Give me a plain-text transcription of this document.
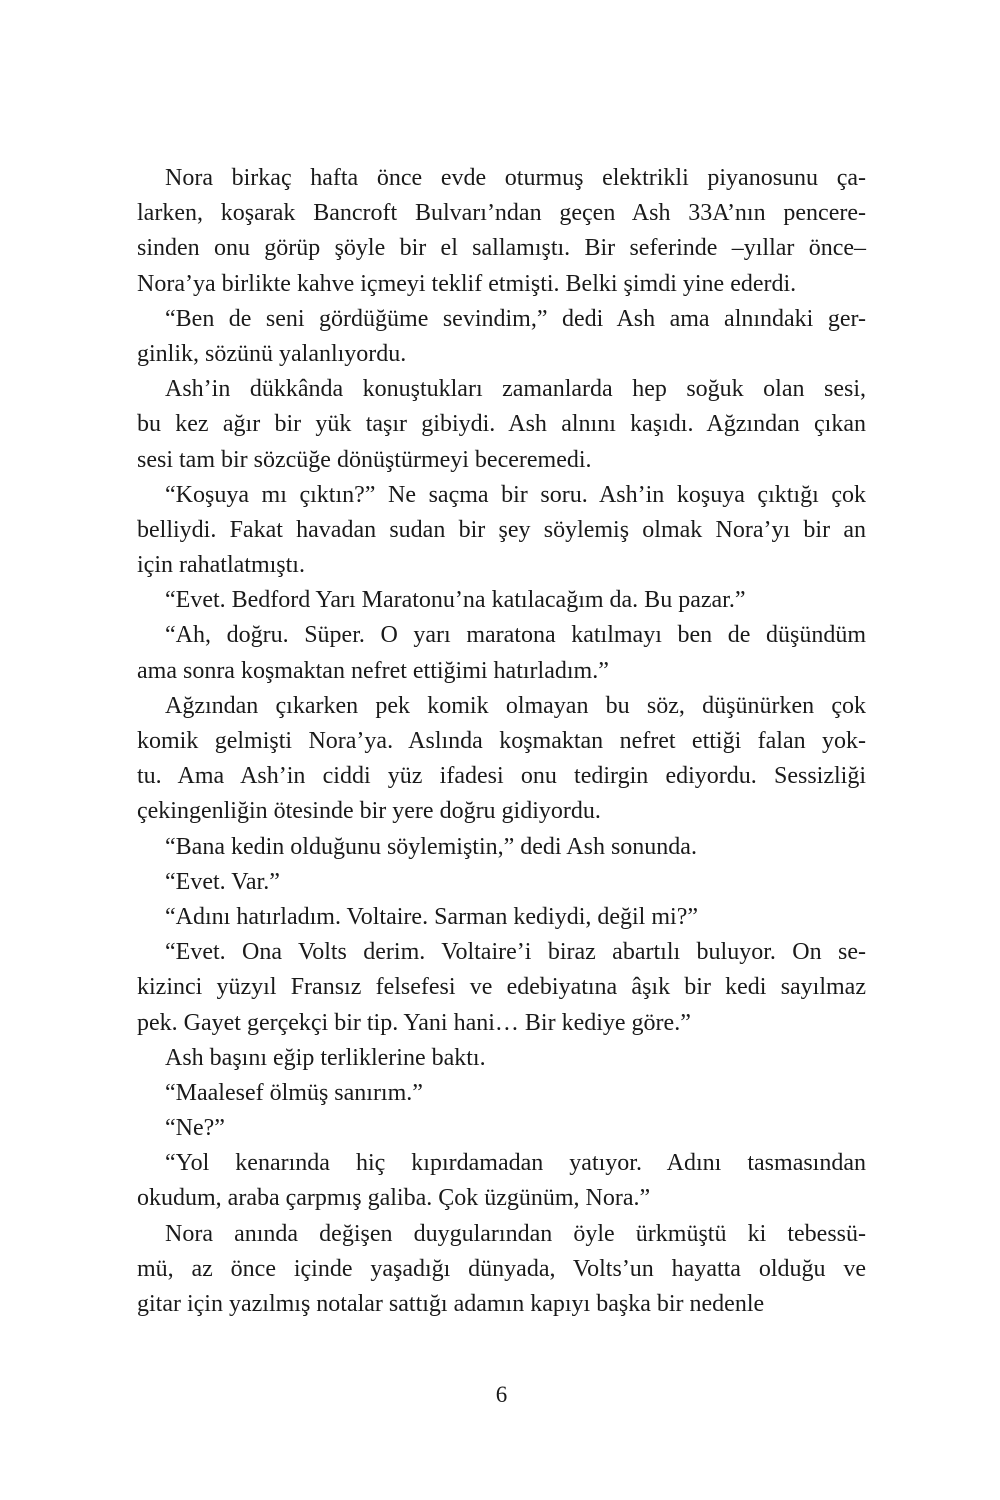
Nora birkaç hafta önce evde oturmuş elektrikli piyanosunu ça-
larken, koşarak Bancroft Bulvarı’ndan geçen Ash 33A’nın pencere-
sinden onu görüp şöyle bir el sallamıştı. Bir seferinde –yıllar önce–
Nora’ya birlikte kahve içmeyi teklif etmişti. Belki şimdi yine ederdi.
“Ben de seni gördüğüme sevindim,” dedi Ash ama alnındaki ger-
ginlik, sözünü yalanlıyordu.
Ash’in dükkânda konuştukları zamanlarda hep soğuk olan sesi,
bu kez ağır bir yük taşır gibiydi. Ash alnını kaşıdı. Ağzından çıkan
sesi tam bir sözcüğe dönüştürmeyi beceremedi.
“Koşuya mı çıktın?” Ne saçma bir soru. Ash’in koşuya çıktığı çok
belliydi. Fakat havadan sudan bir şey söylemiş olmak Nora’yı bir an
için rahatlatmıştı.
“Evet. Bedford Yarı Maratonu’na katılacağım da. Bu pazar.”
“Ah, doğru. Süper. O yarı maratona katılmayı ben de düşündüm
ama sonra koşmaktan nefret ettiğimi hatırladım.”
Ağzından çıkarken pek komik olmayan bu söz, düşünürken çok
komik gelmişti Nora’ya. Aslında koşmaktan nefret ettiği falan yok-
tu. Ama Ash’in ciddi yüz ifadesi onu tedirgin ediyordu. Sessizliği
çekingenliğin ötesinde bir yere doğru gidiyordu.
“Bana kedin olduğunu söylemiştin,” dedi Ash sonunda.
“Evet. Var.”
“Adını hatırladım. Voltaire. Sarman kediydi, değil mi?”
“Evet. Ona Volts derim. Voltaire’i biraz abartılı buluyor. On se-
kizinci yüzyıl Fransız felsefesi ve edebiyatına âşık bir kedi sayılmaz
pek. Gayet gerçekçi bir tip. Yani hani… Bir kediye göre.”
Ash başını eğip terliklerine baktı.
“Maalesef ölmüş sanırım.”
“Ne?”
“Yol kenarında hiç kıpırdamadan yatıyor. Adını tasmasından
okudum, araba çarpmış galiba. Çok üzgünüm, Nora.”
Nora anında değişen duygularından öyle ürkmüştü ki tebessü-
mü, az önce içinde yaşadığı dünyada, Volts’un hayatta olduğu ve
gitar için yazılmış notalar sattığı adamın kapıyı başka bir nedenle
6
